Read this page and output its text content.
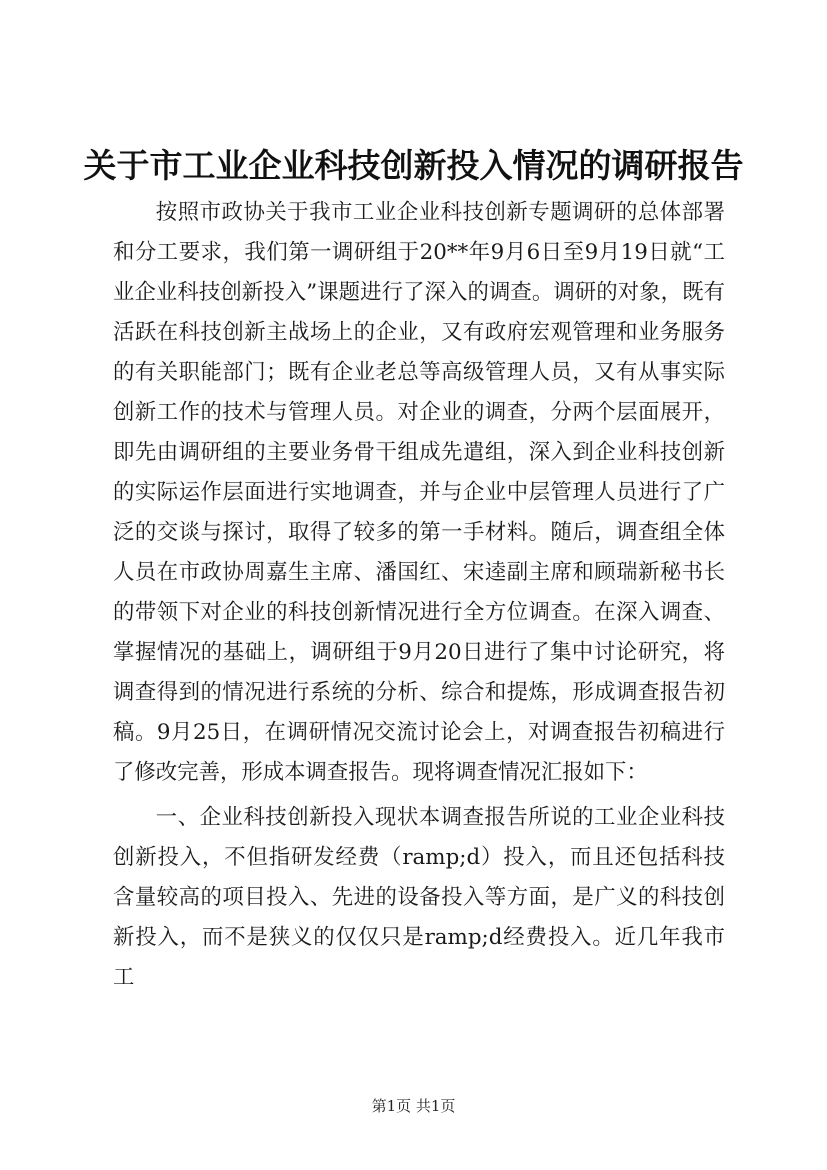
关于市工业企业科技创新投入情况的调研报告

按照市政协关于我市工业企业科技创新专题调研的总体部署和分工要求，我们第一调研组于20**年9月6日至9月19日就“工业企业科技创新投入”课题进行了深入的调查。调研的对象，既有活跃在科技创新主战场上的企业，又有政府宏观管理和业务服务的有关职能部门；既有企业老总等高级管理人员，又有从事实际创新工作的技术与管理人员。对企业的调查，分两个层面展开，即先由调研组的主要业务骨干组成先遣组，深入到企业科技创新的实际运作层面进行实地调查，并与企业中层管理人员进行了广泛的交谈与探讨，取得了较多的第一手材料。随后，调查组全体人员在市政协周嘉生主席、潘国红、宋逵副主席和顾瑞新秘书长的带领下对企业的科技创新情况进行全方位调查。在深入调查、掌握情况的基础上，调研组于9月20日进行了集中讨论研究，将调查得到的情况进行系统的分析、综合和提炼，形成调查报告初稿。9月25日，在调研情况交流讨论会上，对调查报告初稿进行了修改完善，形成本调查报告。现将调查情况汇报如下：

一、企业科技创新投入现状本调查报告所说的工业企业科技创新投入，不但指研发经费（ramp;d）投入，而且还包括科技含量较高的项目投入、先进的设备投入等方面，是广义的科技创新投入，而不是狭义的仅仅只是ramp;d经费投入。近几年我市工

第1页 共1页
